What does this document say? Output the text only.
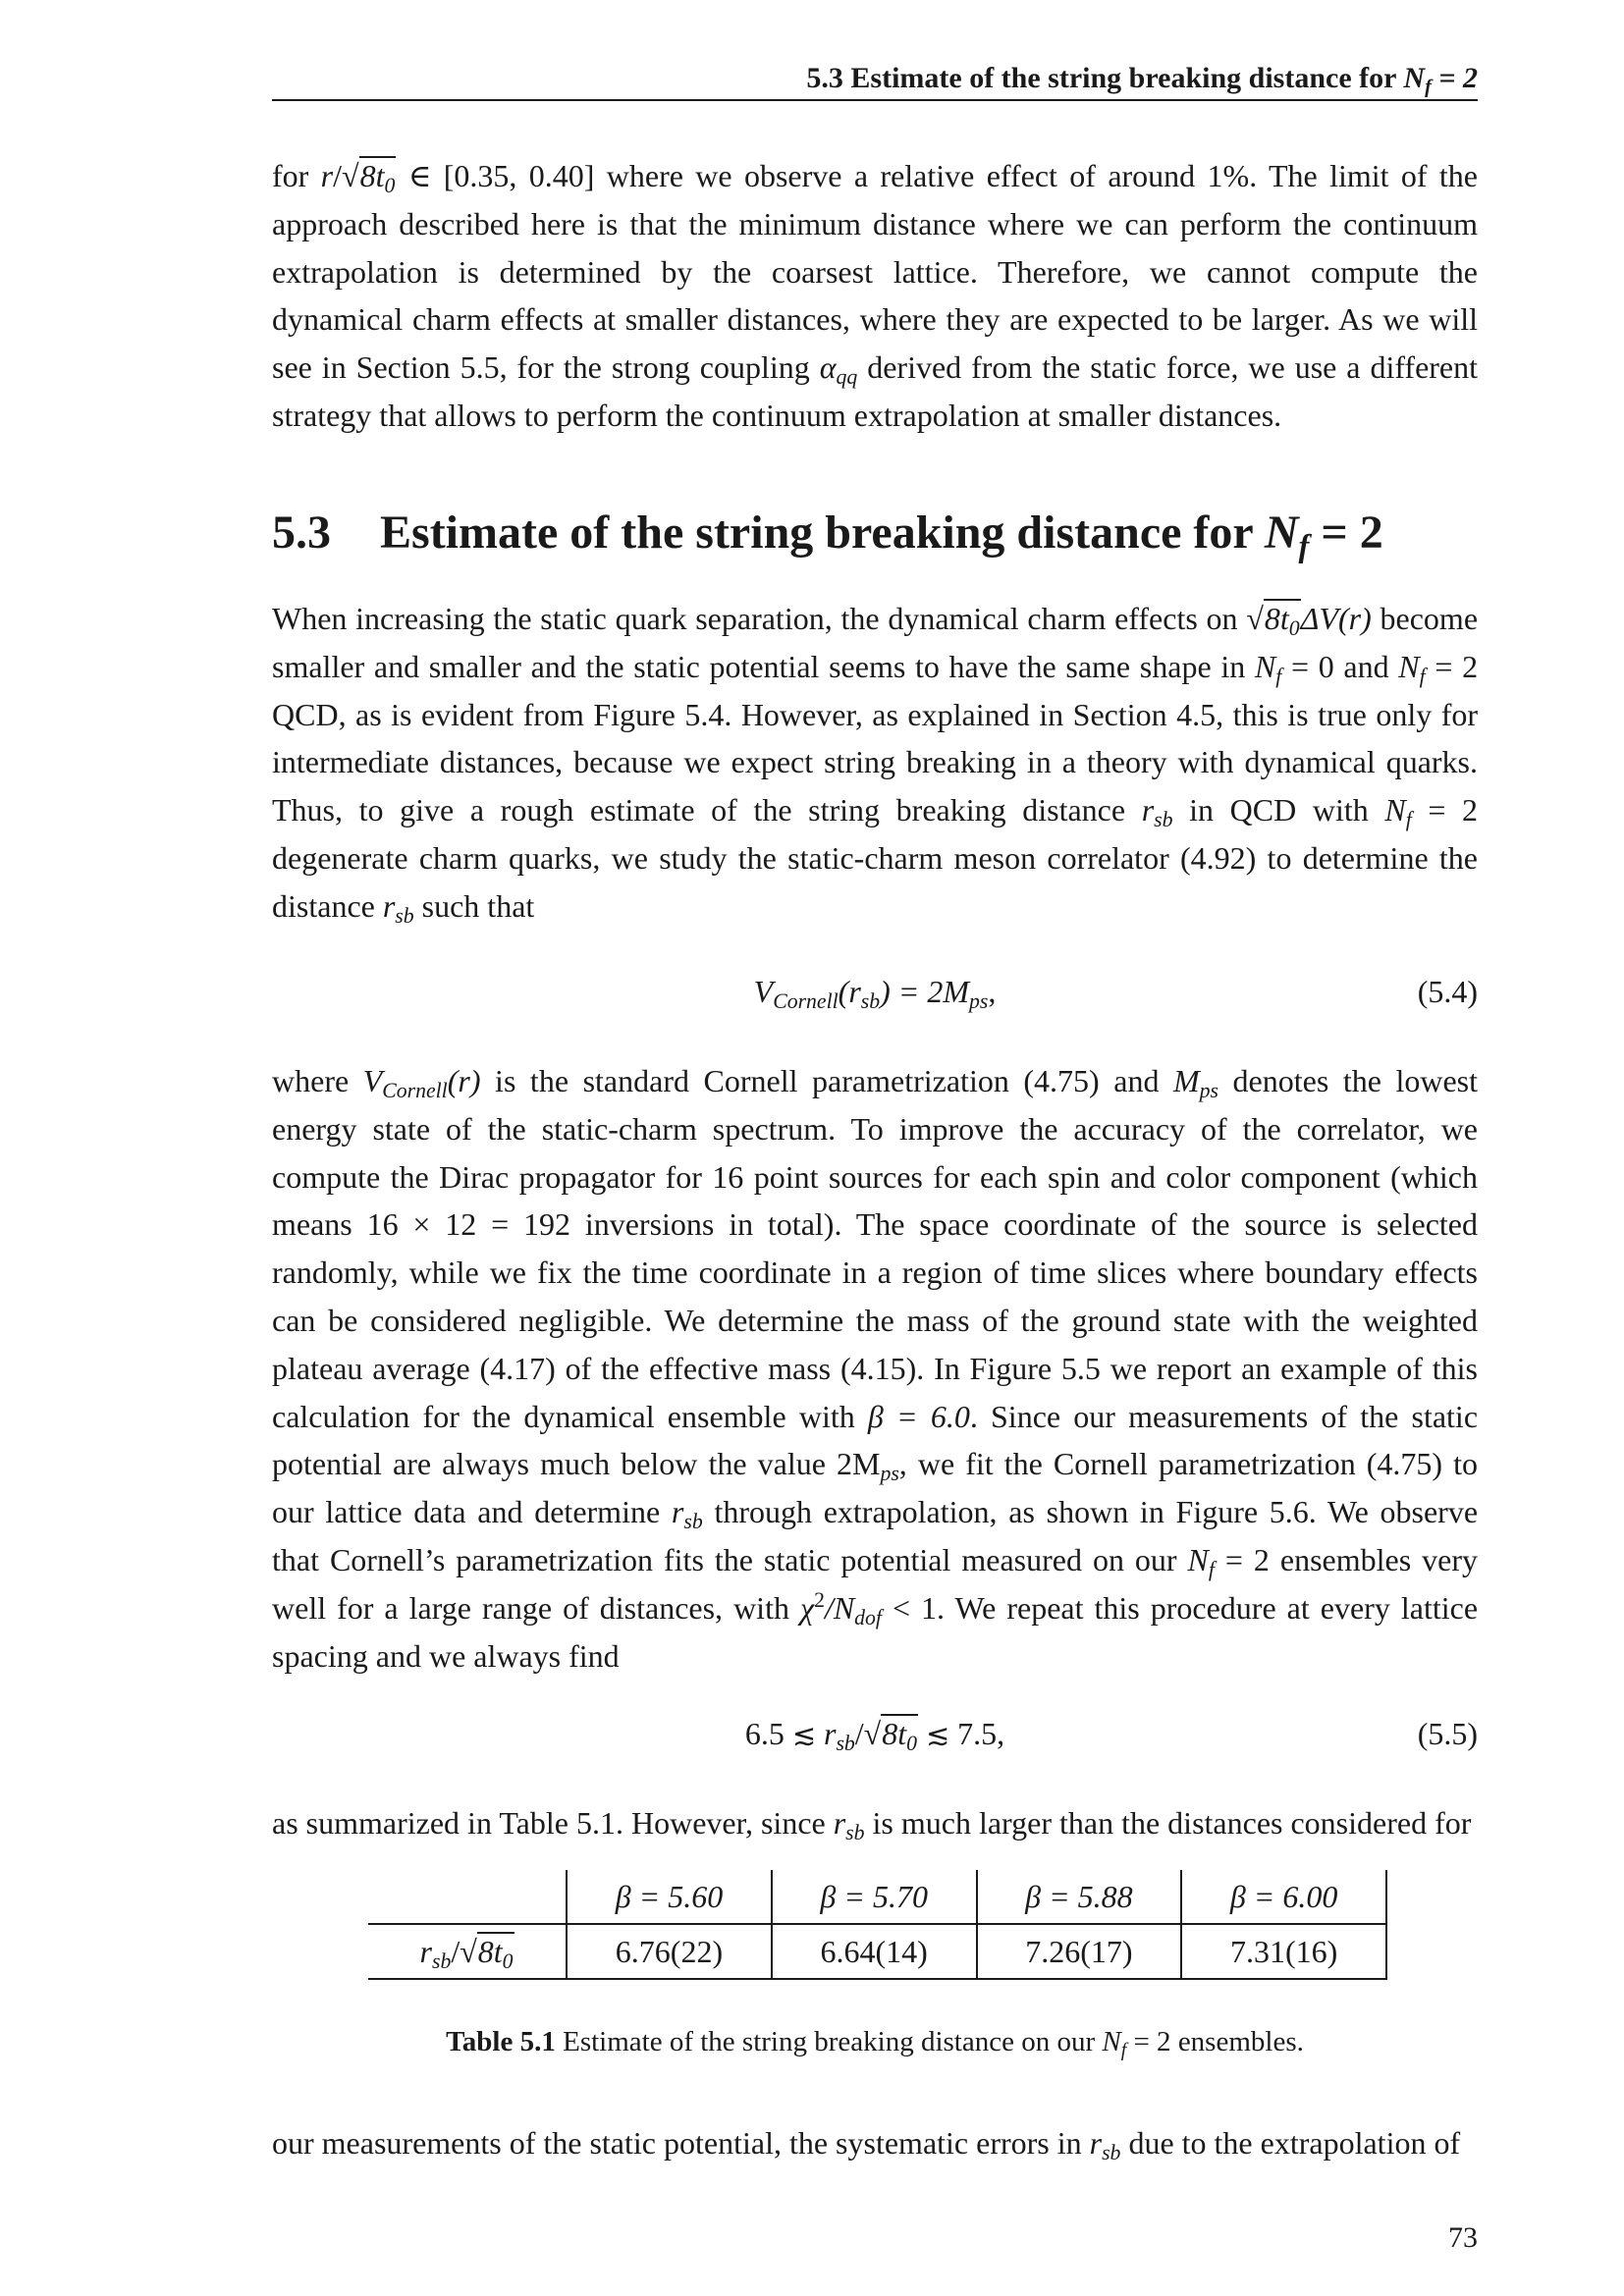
5.3 Estimate of the string breaking distance for $N_f = 2$
for $r/√8t_0$ ∈ [0.35, 0.40] where we observe a relative effect of around 1%. The limit of the approach described here is that the minimum distance where we can perform the continuum extrapolation is determined by the coarsest lattice. Therefore, we cannot compute the dynamical charm effects at smaller distances, where they are expected to be larger. As we will see in Section 5.5, for the strong coupling $\alpha_{qq}$ derived from the static force, we use a different strategy that allows to perform the continuum extrapolation at smaller distances.
5.3 Estimate of the string breaking distance for $N_f = 2$
When increasing the static quark separation, the dynamical charm effects on $√8t_0\Delta V(r)$ become smaller and smaller and the static potential seems to have the same shape in $N_f = 0$ and $N_f = 2$ QCD, as is evident from Figure 5.4. However, as explained in Section 4.5, this is true only for intermediate distances, because we expect string breaking in a theory with dynamical quarks. Thus, to give a rough estimate of the string breaking distance $r_{sb}$ in QCD with $N_f = 2$ degenerate charm quarks, we study the static-charm meson correlator (4.92) to determine the distance $r_{sb}$ such that
$V_{Cornell}(r_{sb}) = 2M_{ps}$,	(5.4)
where $V_{Cornell}(r)$ is the standard Cornell parametrization (4.75) and $M_{ps}$ denotes the lowest energy state of the static-charm spectrum. To improve the accuracy of the correlator, we compute the Dirac propagator for 16 point sources for each spin and color component (which means 16 × 12 = 192 inversions in total). The space coordinate of the source is selected randomly, while we fix the time coordinate in a region of time slices where boundary effects can be considered negligible. We determine the mass of the ground state with the weighted plateau average (4.17) of the effective mass (4.15). In Figure 5.5 we report an example of this calculation for the dynamical ensemble with β = 6.0. Since our measurements of the static potential are always much below the value $2M_{ps}$, we fit the Cornell parametrization (4.75) to our lattice data and determine $r_{sb}$ through extrapolation, as shown in Figure 5.6. We observe that Cornell’s parametrization fits the static potential measured on our $N_f = 2$ ensembles very well for a large range of distances, with $\chi^2/N_{dof} < 1$. We repeat this procedure at every lattice spacing and we always find
6.5 ≲ $r_{sb}/√8t_0$ ≲ 7.5,	(5.5)
as summarized in Table 5.1. However, since $r_{sb}$ is much larger than the distances considered for
	β = 5.60	β = 5.70	β = 5.88	β = 6.00
$r_{sb}/√8t_0$	6.76(22)	6.64(14)	7.26(17)	7.31(16)
Table 5.1 Estimate of the string breaking distance on our $N_f = 2$ ensembles.
our measurements of the static potential, the systematic errors in $r_{sb}$ due to the extrapolation of
73
